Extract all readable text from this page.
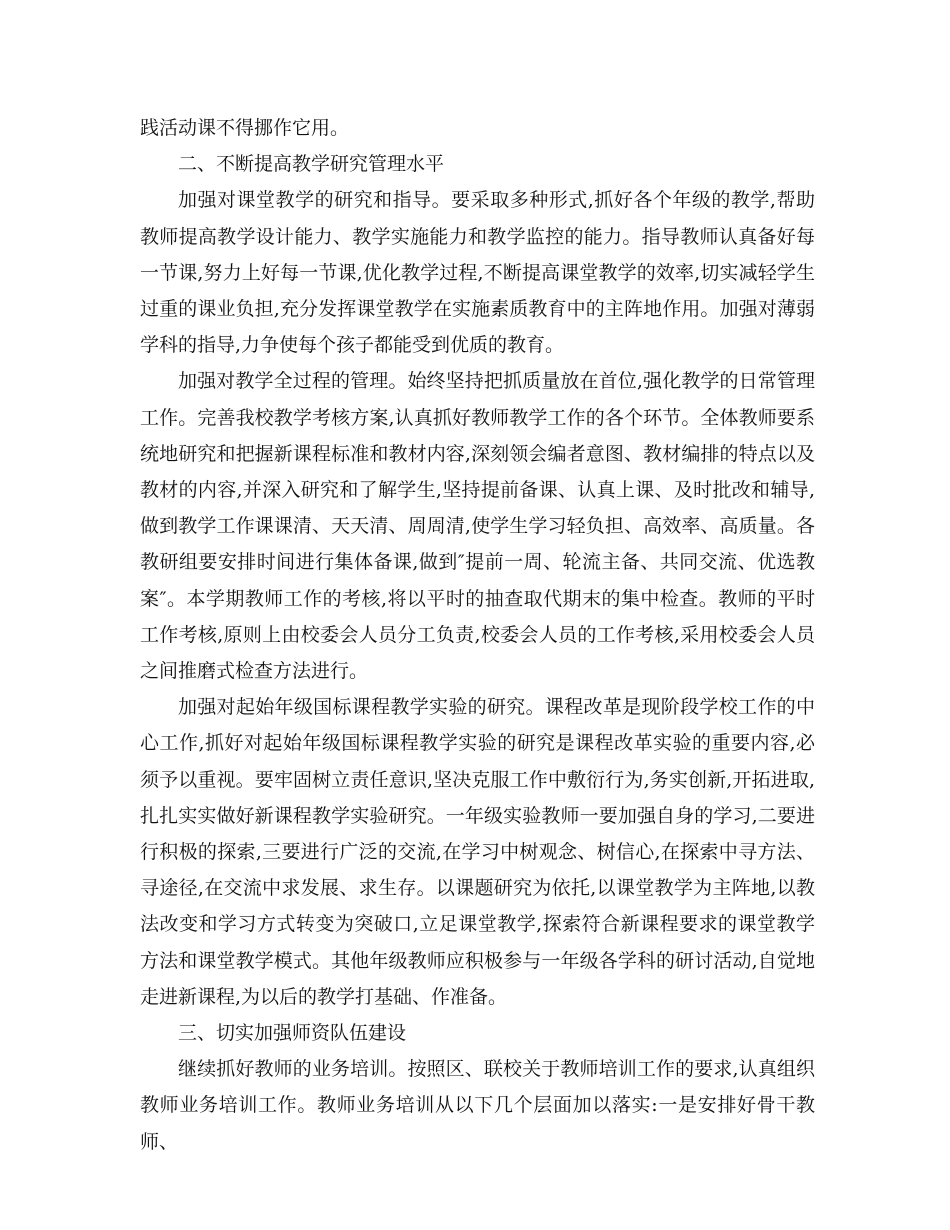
践活动课不得挪作它用。

二、不断提高教学研究管理水平

加强对课堂教学的研究和指导。要采取多种形式,抓好各个年级的教学,帮助教师提高教学设计能力、教学实施能力和教学监控的能力。指导教师认真备好每一节课,努力上好每一节课,优化教学过程,不断提高课堂教学的效率,切实减轻学生过重的课业负担,充分发挥课堂教学在实施素质教育中的主阵地作用。加强对薄弱学科的指导,力争使每个孩子都能受到优质的教育。

加强对教学全过程的管理。始终坚持把抓质量放在首位,强化教学的日常管理工作。完善我校教学考核方案,认真抓好教师教学工作的各个环节。全体教师要系统地研究和把握新课程标准和教材内容,深刻领会编者意图、教材编排的特点以及教材的内容,并深入研究和了解学生,坚持提前备课、认真上课、及时批改和辅导,做到教学工作课课清、天天清、周周清,使学生学习轻负担、高效率、高质量。各教研组要安排时间进行集体备课,做到″提前一周、轮流主备、共同交流、优选教案″。本学期教师工作的考核,将以平时的抽查取代期末的集中检查。教师的平时工作考核,原则上由校委会人员分工负责,校委会人员的工作考核,采用校委会人员之间推磨式检查方法进行。

加强对起始年级国标课程教学实验的研究。课程改革是现阶段学校工作的中心工作,抓好对起始年级国标课程教学实验的研究是课程改革实验的重要内容,必须予以重视。要牢固树立责任意识,坚决克服工作中敷衍行为,务实创新,开拓进取,扎扎实实做好新课程教学实验研究。一年级实验教师一要加强自身的学习,二要进行积极的探索,三要进行广泛的交流,在学习中树观念、树信心,在探索中寻方法、寻途径,在交流中求发展、求生存。以课题研究为依托,以课堂教学为主阵地,以教法改变和学习方式转变为突破口,立足课堂教学,探索符合新课程要求的课堂教学方法和课堂教学模式。其他年级教师应积极参与一年级各学科的研讨活动,自觉地走进新课程,为以后的教学打基础、作准备。

三、切实加强师资队伍建设

继续抓好教师的业务培训。按照区、联校关于教师培训工作的要求,认真组织教师业务培训工作。教师业务培训从以下几个层面加以落实:一是安排好骨干教师、
